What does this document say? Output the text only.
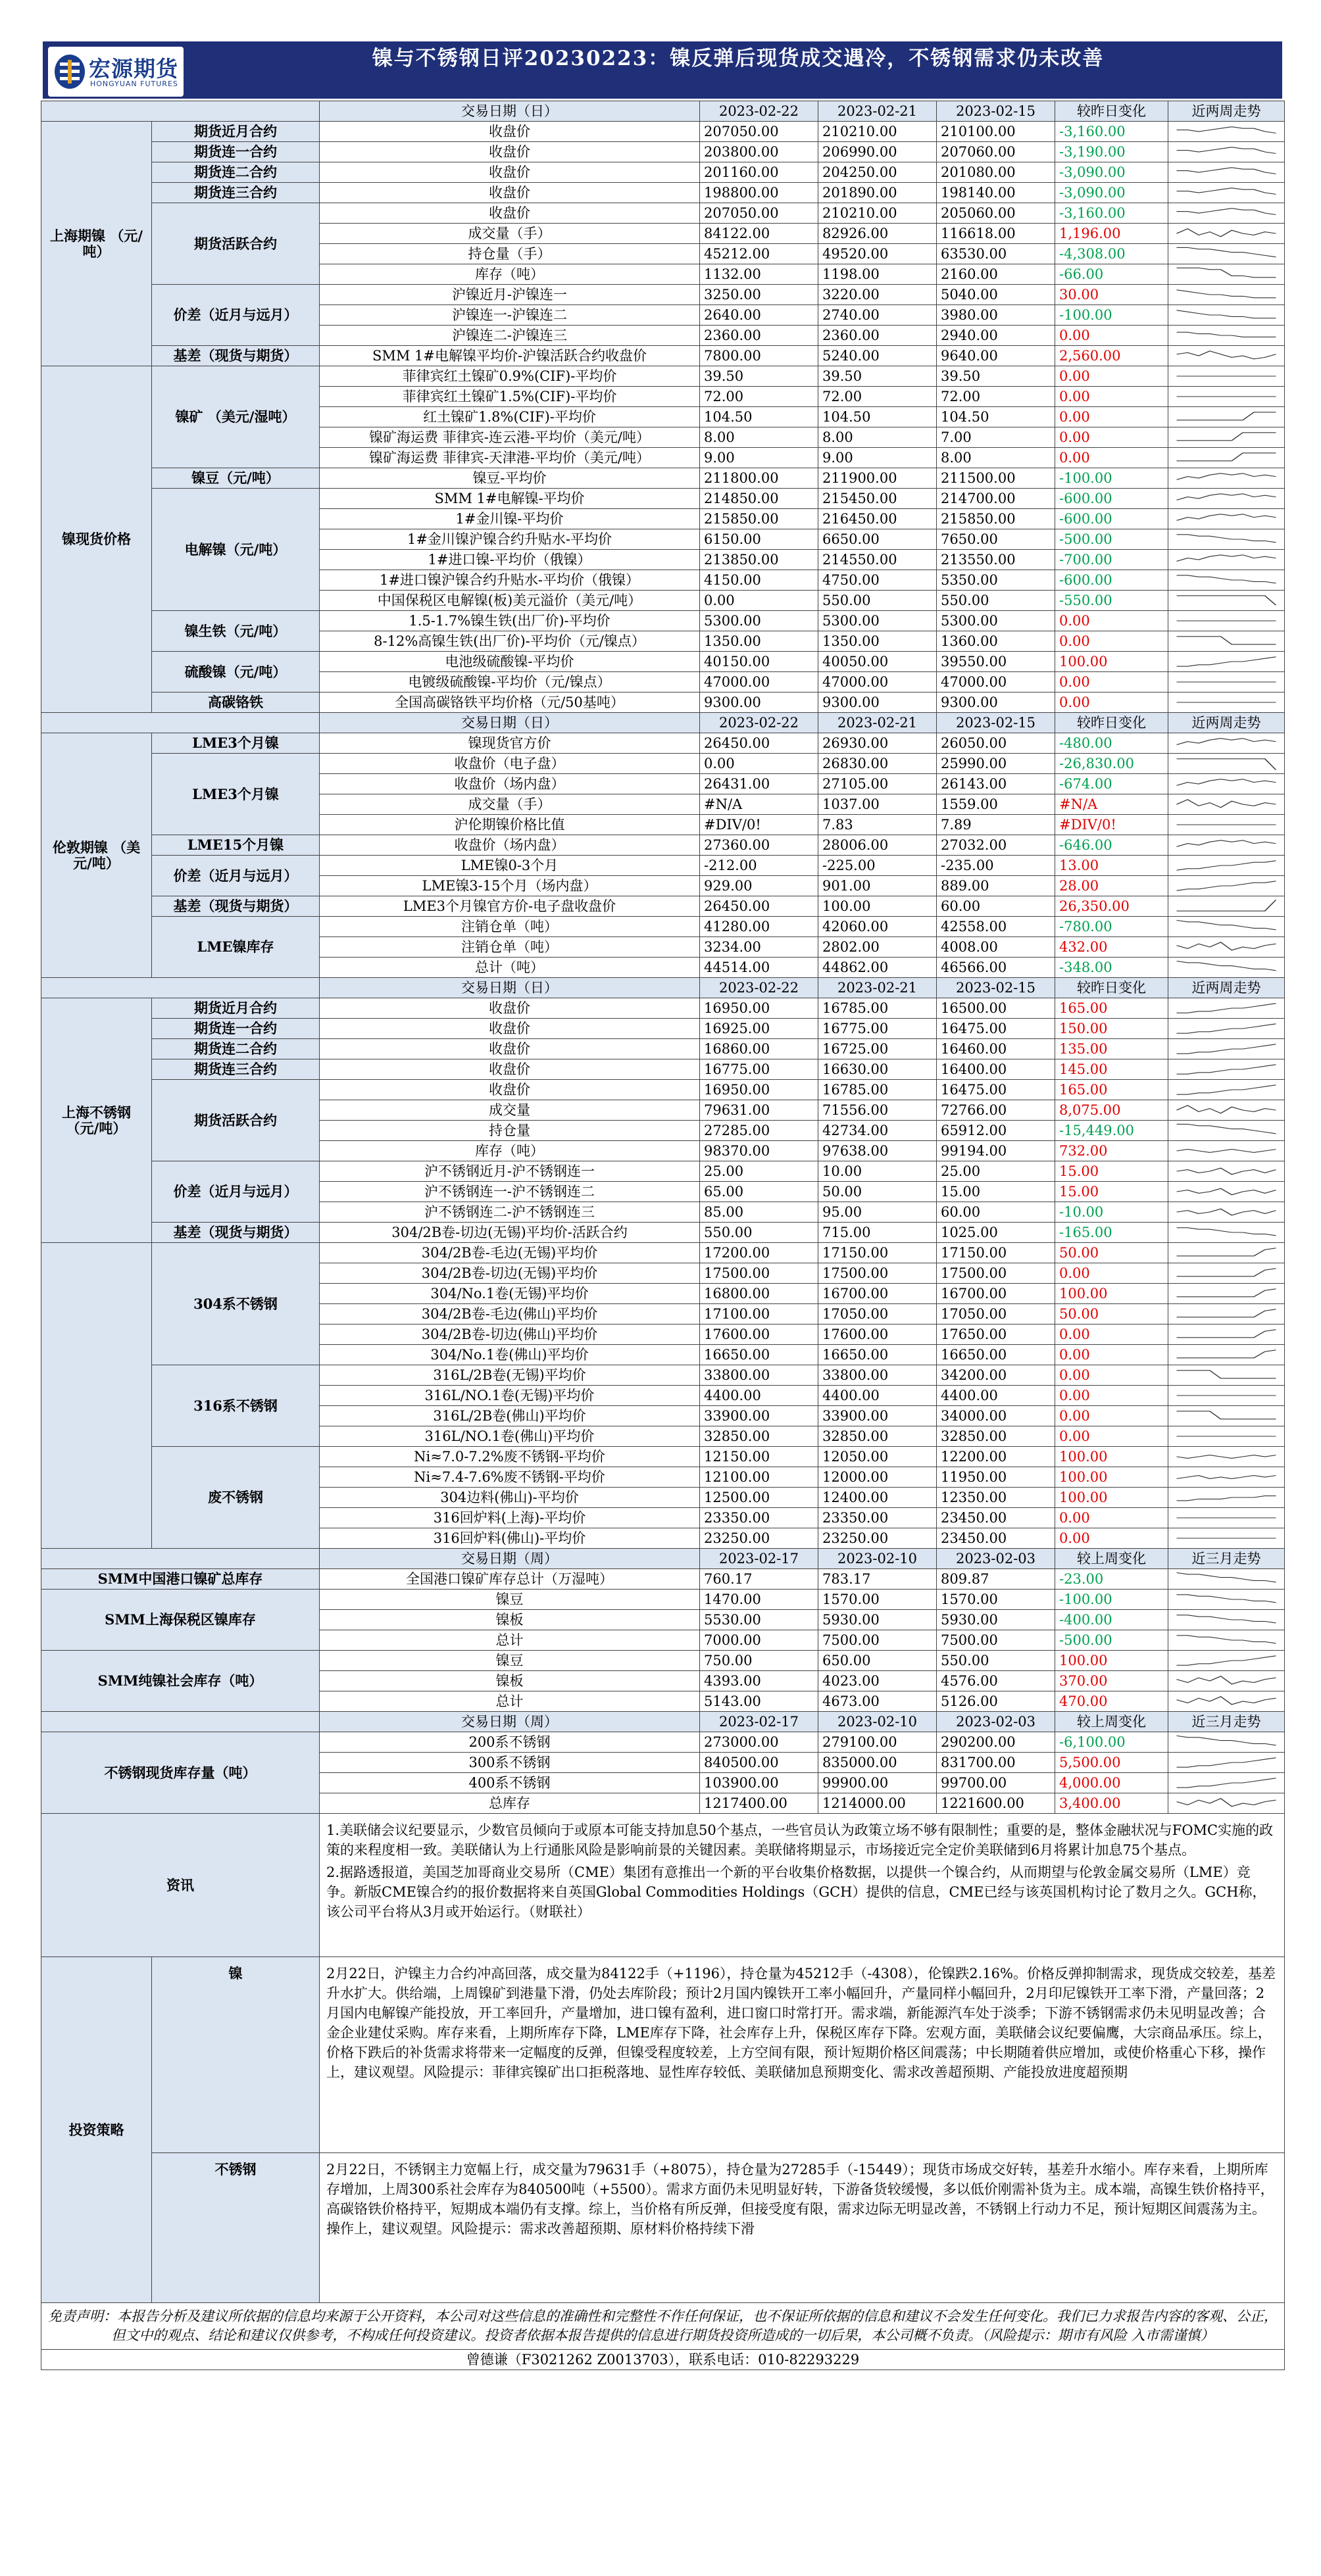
宏源期货
HONGYUAN FUTURES
镍与不锈钢日评20230223：镍反弹后现货成交遇冷，不锈钢需求仍未改善
		交易日期（日）	2023-02-22	2023-02-21	2023-02-15	较昨日变化	近两周走势
上海期镍 （元/吨）	期货近月合约	收盘价	207050.00	210210.00	210100.00	-3,160.00	

	期货连一合约	收盘价	203800.00	206990.00	207060.00	-3,190.00	

	期货连二合约	收盘价	201160.00	204250.00	201080.00	-3,090.00	

	期货连三合约	收盘价	198800.00	201890.00	198140.00	-3,090.00	

	期货活跃合约	收盘价	207050.00	210210.00	205060.00	-3,160.00	

		成交量（手）	84122.00	82926.00	116618.00	1,196.00	

		持仓量（手）	45212.00	49520.00	63530.00	-4,308.00	

		库存（吨）	1132.00	1198.00	2160.00	-66.00	

	价差（近月与远月）	沪镍近月-沪镍连一	3250.00	3220.00	5040.00	30.00	

		沪镍连一-沪镍连二	2640.00	2740.00	3980.00	-100.00	

		沪镍连二-沪镍连三	2360.00	2360.00	2940.00	0.00	

	基差（现货与期货）	SMM 1#电解镍平均价-沪镍活跃合约收盘价	7800.00	5240.00	9640.00	2,560.00	

镍现货价格	镍矿 （美元/湿吨）	菲律宾红土镍矿0.9%(CIF)-平均价	39.50	39.50	39.50	0.00	

		菲律宾红土镍矿1.5%(CIF)-平均价	72.00	72.00	72.00	0.00	

		红土镍矿1.8%(CIF)-平均价	104.50	104.50	104.50	0.00	

		镍矿海运费 菲律宾-连云港-平均价（美元/吨）	8.00	8.00	7.00	0.00	

		镍矿海运费 菲律宾-天津港-平均价（美元/吨）	9.00	9.00	8.00	0.00	

	镍豆（元/吨）	镍豆-平均价	211800.00	211900.00	211500.00	-100.00	

	电解镍（元/吨）	SMM 1#电解镍-平均价	214850.00	215450.00	214700.00	-600.00	

		1#金川镍-平均价	215850.00	216450.00	215850.00	-600.00	

		1#金川镍沪镍合约升贴水-平均价	6150.00	6650.00	7650.00	-500.00	

		1#进口镍-平均价（俄镍）	213850.00	214550.00	213550.00	-700.00	

		1#进口镍沪镍合约升贴水-平均价（俄镍）	4150.00	4750.00	5350.00	-600.00	

		中国保税区电解镍(板)美元溢价（美元/吨）	0.00	550.00	550.00	-550.00	

	镍生铁（元/吨）	1.5-1.7%镍生铁(出厂价)-平均价	5300.00	5300.00	5300.00	0.00	

		8-12%高镍生铁(出厂价)-平均价（元/镍点）	1350.00	1350.00	1360.00	0.00	

	硫酸镍（元/吨）	电池级硫酸镍-平均价	40150.00	40050.00	39550.00	100.00	

		电镀级硫酸镍-平均价（元/镍点）	47000.00	47000.00	47000.00	0.00	

	高碳铬铁	全国高碳铬铁平均价格（元/50基吨）	9300.00	9300.00	9300.00	0.00	

		交易日期（日）	2023-02-22	2023-02-21	2023-02-15	较昨日变化	近两周走势
伦敦期镍 （美元/吨）	LME3个月镍	镍现货官方价	26450.00	26930.00	26050.00	-480.00	

	LME3个月镍	收盘价（电子盘）	0.00	26830.00	25990.00	-26,830.00	

		收盘价（场内盘）	26431.00	27105.00	26143.00	-674.00	

		成交量（手）	#N/A	1037.00	1559.00	#N/A	

		沪伦期镍价格比值	#DIV/0!	7.83	7.89	#DIV/0!	

	LME15个月镍	收盘价（场内盘）	27360.00	28006.00	27032.00	-646.00	

	价差（近月与远月）	LME镍0-3个月	-212.00	-225.00	-235.00	13.00	

		LME镍3-15个月（场内盘）	929.00	901.00	889.00	28.00	

	基差（现货与期货）	LME3个月镍官方价-电子盘收盘价	26450.00	100.00	60.00	26,350.00	

	LME镍库存	注销仓单（吨）	41280.00	42060.00	42558.00	-780.00	

		注销仓单（吨）	3234.00	2802.00	4008.00	432.00	

		总计（吨）	44514.00	44862.00	46566.00	-348.00	

		交易日期（日）	2023-02-22	2023-02-21	2023-02-15	较昨日变化	近两周走势
上海不锈钢 （元/吨）	期货近月合约	收盘价	16950.00	16785.00	16500.00	165.00	

	期货连一合约	收盘价	16925.00	16775.00	16475.00	150.00	

	期货连二合约	收盘价	16860.00	16725.00	16460.00	135.00	

	期货连三合约	收盘价	16775.00	16630.00	16400.00	145.00	

	期货活跃合约	收盘价	16950.00	16785.00	16475.00	165.00	

		成交量	79631.00	71556.00	72766.00	8,075.00	

		持仓量	27285.00	42734.00	65912.00	-15,449.00	

		库存（吨）	98370.00	97638.00	99194.00	732.00	

	价差（近月与远月）	沪不锈钢近月-沪不锈钢连一	25.00	10.00	25.00	15.00	

		沪不锈钢连一-沪不锈钢连二	65.00	50.00	15.00	15.00	

		沪不锈钢连二-沪不锈钢连三	85.00	95.00	60.00	-10.00	

	基差（现货与期货）	304/2B卷-切边(无锡)平均价-活跃合约	550.00	715.00	1025.00	-165.00	

	304系不锈钢	304/2B卷-毛边(无锡)平均价	17200.00	17150.00	17150.00	50.00	

		304/2B卷-切边(无锡)平均价	17500.00	17500.00	17500.00	0.00	

		304/No.1卷(无锡)平均价	16800.00	16700.00	16700.00	100.00	

		304/2B卷-毛边(佛山)平均价	17100.00	17050.00	17050.00	50.00	

		304/2B卷-切边(佛山)平均价	17600.00	17600.00	17650.00	0.00	

		304/No.1卷(佛山)平均价	16650.00	16650.00	16650.00	0.00	

	316系不锈钢	316L/2B卷(无锡)平均价	33800.00	33800.00	34200.00	0.00	

		316L/NO.1卷(无锡)平均价	4400.00	4400.00	4400.00	0.00	

		316L/2B卷(佛山)平均价	33900.00	33900.00	34000.00	0.00	

		316L/NO.1卷(佛山)平均价	32850.00	32850.00	32850.00	0.00	

	废不锈钢	Ni≈7.0-7.2%废不锈钢-平均价	12150.00	12050.00	12200.00	100.00	

		Ni≈7.4-7.6%废不锈钢-平均价	12100.00	12000.00	11950.00	100.00	

		304边料(佛山)-平均价	12500.00	12400.00	12350.00	100.00	

		316回炉料(上海)-平均价	23350.00	23350.00	23450.00	0.00	

		316回炉料(佛山)-平均价	23250.00	23250.00	23450.00	0.00	

		交易日期（周）	2023-02-17	2023-02-10	2023-02-03	较上周变化	近三月走势
SMM中国港口镍矿总库存		全国港口镍矿库存总计（万湿吨）	760.17	783.17	809.87	-23.00	

SMM上海保税区镍库存		镍豆	1470.00	1570.00	1570.00	-100.00	

		镍板	5530.00	5930.00	5930.00	-400.00	

		总计	7000.00	7500.00	7500.00	-500.00	

SMM纯镍社会库存（吨）		镍豆	750.00	650.00	550.00	100.00	

		镍板	4393.00	4023.00	4576.00	370.00	

		总计	5143.00	4673.00	5126.00	470.00	

		交易日期（周）	2023-02-17	2023-02-10	2023-02-03	较上周变化	近三月走势
不锈钢现货库存量（吨）		200系不锈钢	273000.00	279100.00	290200.00	-6,100.00	

		300系不锈钢	840500.00	835000.00	831700.00	5,500.00	

		400系不锈钢	103900.00	99900.00	99700.00	4,000.00	

		总库存	1217400.00	1214000.00	1221600.00	3,400.00	

资讯		1.美联储会议纪要显示，少数官员倾向于或原本可能支持加息50个基点，一些官员认为政策立场不够有限制性；重要的是，整体金融状况与FOMC实施的政策的来程度相一致。美联储认为上行通胀风险是影响前景的关键因素。美联储将期显示，市场接近完全定价美联储到6月将累计加息75个基点。
2.据路透报道，美国芝加哥商业交易所（CME）集团有意推出一个新的平台收集价格数据，以提供一个镍合约，从而期望与伦敦金属交易所（LME）竞争。新版CME镍合约的报价数据将来自英国Global Commodities Holdings（GCH）提供的信息，CME已经与该英国机构讨论了数月之久。GCH称，该公司平台将从3月或开始运行。（财联社）					

投资策略	镍	2月22日，沪镍主力合约冲高回落，成交量为84122手（+1196），持仓量为45212手（-4308），伦镍跌2.16%。价格反弹抑制需求，现货成交较差，基差升水扩大。供给端，上周镍矿到港量下滑，仍处去库阶段；预计2月国内镍铁开工率小幅回升，产量同样小幅回升，2月印尼镍铁开工率下滑，产量回落；2月国内电解镍产能投放，开工率回升，产量增加，进口镍有盈利，进口窗口时常打开。需求端，新能源汽车处于淡季；下游不锈钢需求仍未见明显改善；合金企业建仗采购。库存来看，上期所库存下降，LME库存下降，社会库存上升，保税区库存下降。宏观方面，美联储会议纪要偏鹰，大宗商品承压。综上，价格下跌后的补货需求将带来一定幅度的反弹，但镍受程度较差，上方空间有限，预计短期价格区间震荡；中长期随着供应增加，或使价格重心下移，操作上，建议观望。风险提示：菲律宾镍矿出口拒税落地、显性库存较低、美联储加息预期变化、需求改善超预期、产能投放进度超预期					
	不锈钢	2月22日，不锈钢主力宽幅上行，成交量为79631手（+8075），持仓量为27285手（-15449）；现货市场成交好转，基差升水缩小。库存来看，上期所库存增加，上周300系社会库存为840500吨（+5500）。需求方面仍未见明显好转，下游备货较缓慢，多以低价刚需补货为主。成本端，高镍生铁价格持平，高碳铬铁价格持平，短期成本端仍有支撑。综上，当价格有所反弹，但接受度有限，需求边际无明显改善，不锈钢上行动力不足，预计短期区间震荡为主。操作上，建议观望。风险提示：需求改善超预期、原材料价格持续下滑					
免责声明：本报告分析及建议所依据的信息均来源于公开资料，本公司对这些信息的准确性和完整性不作任何保证，也不保证所依据的信息和建议不会发生任何变化。我们已力求报告内容的客观、公正，但文中的观点、结论和建议仅供参考，不构成任何投资建议。投资者依据本报告提供的信息进行期货投资所造成的一切后果，本公司概不负责。（风险提示：期市有风险 入市需谨慎）							
曾德谦（F3021262 Z0013703），联系电话：010-82293229							
